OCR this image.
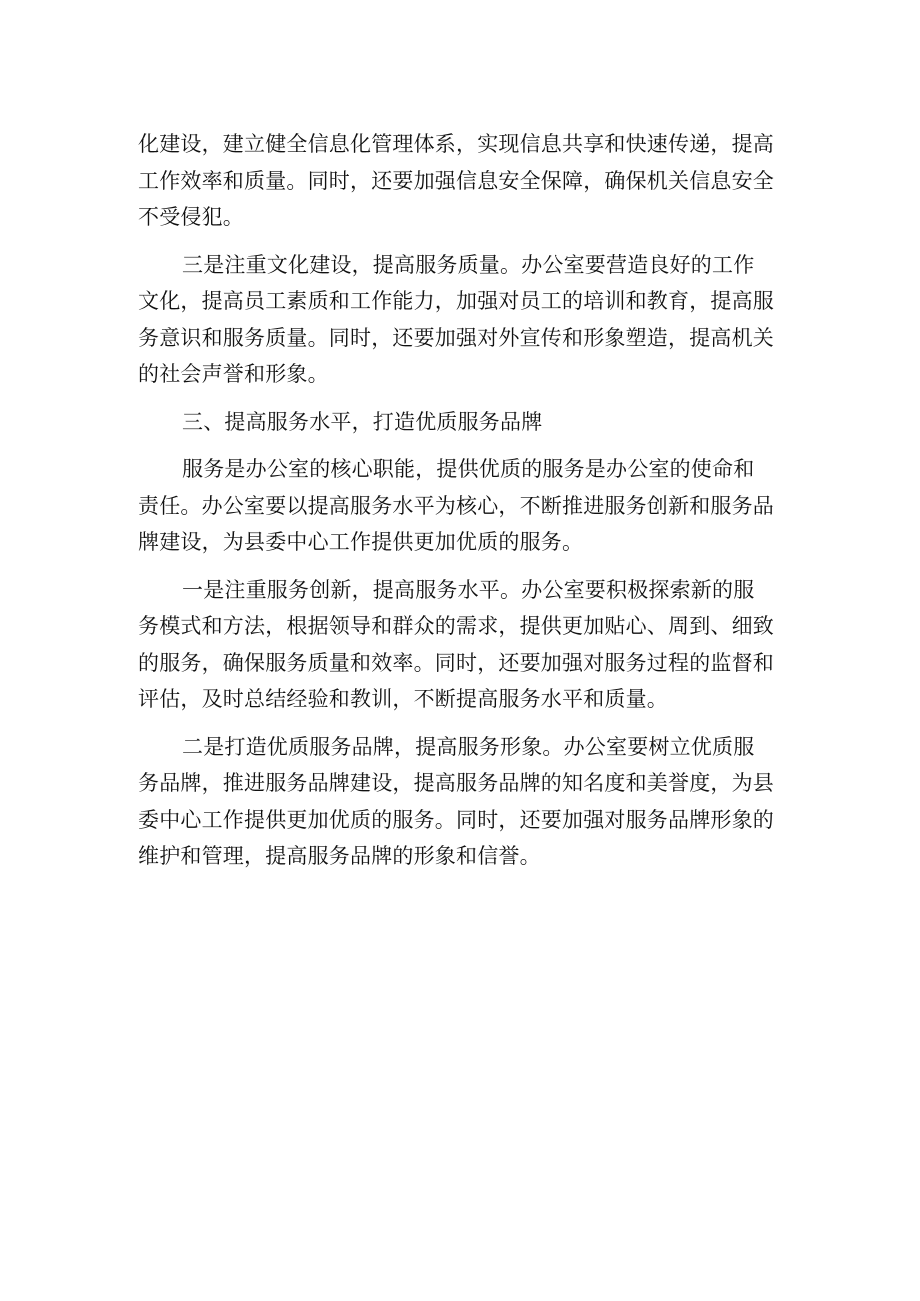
化建设，建立健全信息化管理体系，实现信息共享和快速传递，提高
工作效率和质量。同时，还要加强信息安全保障，确保机关信息安全
不受侵犯。
三是注重文化建设，提高服务质量。办公室要营造良好的工作
文化，提高员工素质和工作能力，加强对员工的培训和教育，提高服
务意识和服务质量。同时，还要加强对外宣传和形象塑造，提高机关
的社会声誉和形象。
三、提高服务水平，打造优质服务品牌
服务是办公室的核心职能，提供优质的服务是办公室的使命和
责任。办公室要以提高服务水平为核心，不断推进服务创新和服务品
牌建设，为县委中心工作提供更加优质的服务。
一是注重服务创新，提高服务水平。办公室要积极探索新的服
务模式和方法，根据领导和群众的需求，提供更加贴心、周到、细致
的服务，确保服务质量和效率。同时，还要加强对服务过程的监督和
评估，及时总结经验和教训，不断提高服务水平和质量。
二是打造优质服务品牌，提高服务形象。办公室要树立优质服
务品牌，推进服务品牌建设，提高服务品牌的知名度和美誉度，为县
委中心工作提供更加优质的服务。同时，还要加强对服务品牌形象的
维护和管理，提高服务品牌的形象和信誉。
